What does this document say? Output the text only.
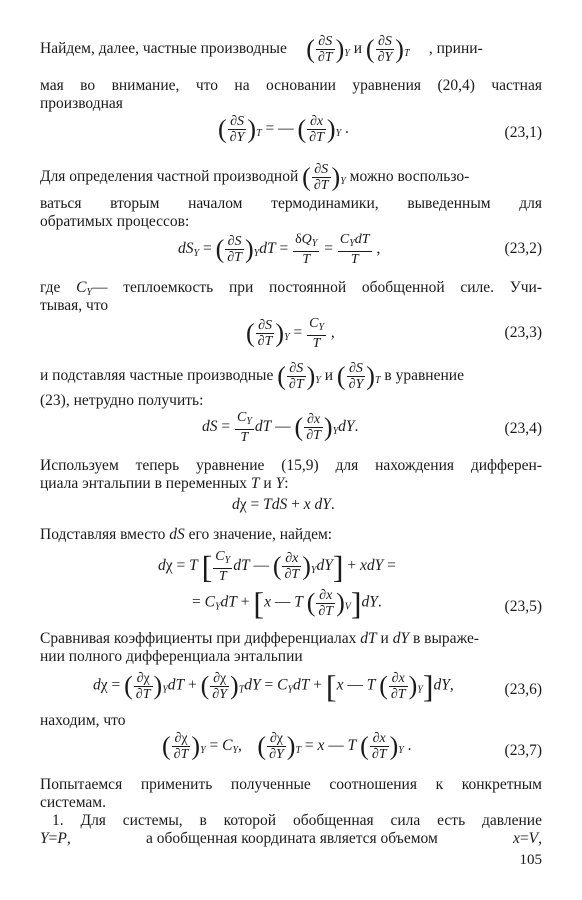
Найдем, далее, частные производные ( $\frac{\partial S}{\partial T} )_Y$ и ( $\frac{\partial S}{\partial Y} )_T$ , прини-
мая во внимание, что на основании уравнения (20,4) частная
производная
( $\frac{\partial S}{\partial Y} )_T$ = — ( $\frac{\partial x}{\partial T} )_Y$ .	(23,1)
Для определения частной производной ( $\frac{\partial S}{\partial T} )_Y$ можно воспользо-
ваться вторым началом термодинамики, выведенным для
обратимых процессов:
$dS_Y$ = ( $\frac{\partial S}{\partial T} )_YdT = \frac{\delta Q_Y}{T} = \frac{C_YdT}{T}$ ,	(23,2)
где $C_Y—$ теплоемкость при постоянной обобщенной силе. Учи-
тывая, что
( $\frac{\partial S}{\partial T} )_Y = \frac{C_Y}{T}$ ,	(23,3)
и подставляя частные производные ( $\frac{\partial S}{\partial T} )_Y$ и ( $\frac{\partial S}{\partial Y} )_T$ в уравнение
(23), нетрудно получить:
dS = $\frac{C_Y}{T}$ dT — ( $\frac{\partial x}{\partial T} )_YdY$.	(23,4)
Используем теперь уравнение (15,9) для нахождения дифферен-
циала энтальпии в переменных T и Y:
dχ = TdS + x dY.
Подставляя вместо dS его значение, найдем:
dχ = T [ $\frac{C_Y}{T}$ dT — ( $\frac{\partial x}{\partial T} )_YdY$] + xdY =
= $C_YdT + [x$ — T ( $\frac{\partial x}{\partial T} )_V]dY$.	(23,5)
Сравнивая коэффициенты при дифференциалах dT и dY в выраже-
нии полного дифференциала энтальпии
dχ = ( $\frac{\partial\chi}{\partial T} )_YdT$ + ( $\frac{\partial\chi}{\partial Y} )_TdY = C_YdT + [x$ — T ( $\frac{\partial x}{\partial T} )_Y]dY$,	(23,6)
находим, что
( $\frac{\partial\chi}{\partial T} )_Y = C_Y$,    ( $\frac{\partial\chi}{\partial Y} )_T = x$ — T ( $\frac{\partial x}{\partial T} )_Y$ .	(23,7)
Попытаемся применить полученные соотношения к конкретным
системам.
1. Для системы, в которой обобщенная сила есть давление
Y=P,	а обобщенная координата является объемом	x=V,
105
